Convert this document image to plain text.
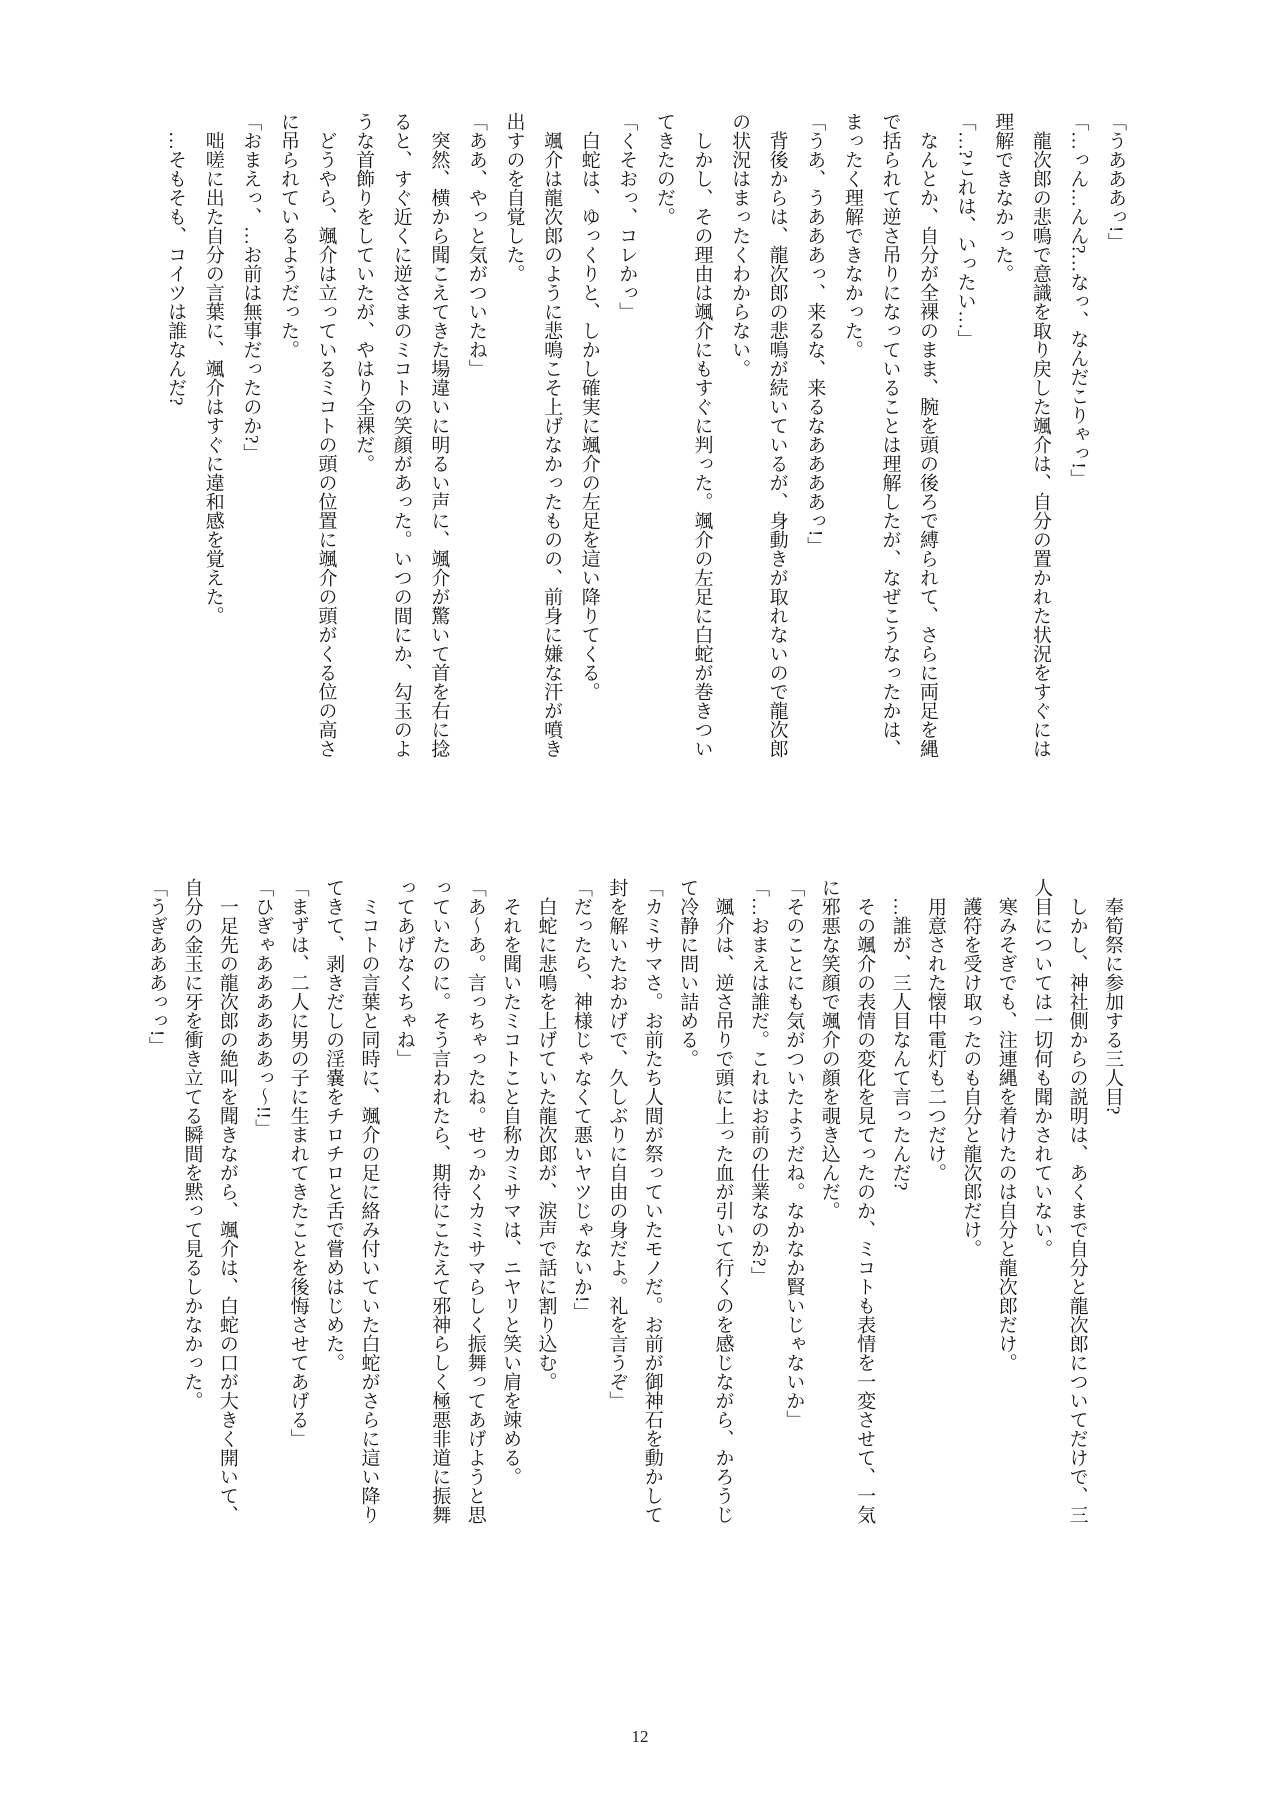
「うあああっ!」
「…っん…んん?…なっ、なんだこりゃっ!」
　龍次郎の悲鳴で意識を取り戻した颯介は、自分の置かれた状況をすぐには
理解できなかった。
「…?これは、いったい…」
　なんとか、自分が全裸のまま、腕を頭の後ろで縛られて、さらに両足を縄
で括られて逆さ吊りになっていることは理解したが、なぜこうなったかは、
まったく理解できなかった。
「うあ、うあああっ、来るな、来るなああああっ!」
　背後からは、龍次郎の悲鳴が続いているが、身動きが取れないので龍次郎
の状況はまったくわからない。
　しかし、その理由は颯介にもすぐに判った。颯介の左足に白蛇が巻きつい
てきたのだ。
「くそおっ、コレかっ」
　白蛇は、ゆっくりと、しかし確実に颯介の左足を這い降りてくる。
　颯介は龍次郎のように悲鳴こそ上げなかったものの、前身に嫌な汗が噴き
出すのを自覚した。
「ああ、やっと気がついたね」
　突然、横から聞こえてきた場違いに明るい声に、颯介が驚いて首を右に捻
ると、すぐ近くに逆さまのミコトの笑顔があった。いつの間にか、勾玉のよ
うな首飾りをしていたが、やはり全裸だ。
　どうやら、颯介は立っているミコトの頭の位置に颯介の頭がくる位の高さ
に吊られているようだった。
「おまえっ、…お前は無事だったのか?」
　咄嗟に出た自分の言葉に、颯介はすぐに違和感を覚えた。
　…そもそも、コイツは誰なんだ?
　奉筍祭に参加する三人目?
　しかし、神社側からの説明は、あくまで自分と龍次郎についてだけで、三
人目については一切何も聞かされていない。
　寒みそぎでも、注連縄を着けたのは自分と龍次郎だけ。
　護符を受け取ったのも自分と龍次郎だけ。
　用意された懐中電灯も二つだけ。
　…誰が、三人目なんて言ったんだ?
　その颯介の表情の変化を見てったのか、ミコトも表情を一変させて、一気
に邪悪な笑顔で颯介の顔を覗き込んだ。
「そのことにも気がついたようだね。なかなか賢いじゃないか」
「…おまえは誰だ。これはお前の仕業なのか?」
　颯介は、逆さ吊りで頭に上った血が引いて行くのを感じながら、かろうじ
て冷静に問い詰める。
「カミサマさ。お前たち人間が祭っていたモノだ。お前が御神石を動かして
封を解いたおかげで、久しぶりに自由の身だよ。礼を言うぞ」
「だったら、神様じゃなくて悪いヤツじゃないか!」
　白蛇に悲鳴を上げていた龍次郎が、涙声で話に割り込む。
　それを聞いたミコトこと自称カミサマは、ニヤリと笑い肩を竦める。
「あ〜あ。言っちゃったね。せっかくカミサマらしく振舞ってあげようと思
っていたのに。そう言われたら、期待にこたえて邪神らしく極悪非道に振舞
ってあげなくちゃね」
　ミコトの言葉と同時に、颯介の足に絡み付いていた白蛇がさらに這い降り
てきて、剥きだしの淫嚢をチロチロと舌で嘗めはじめた。
「まずは、二人に男の子に生まれてきたことを後悔させてあげる」
「ひぎゃああああああっ〜!!」
　一足先の龍次郎の絶叫を聞きながら、颯介は、白蛇の口が大きく開いて、
自分の金玉に牙を衝き立てる瞬間を黙って見るしかなかった。
「うぎあああっっ!」
12
